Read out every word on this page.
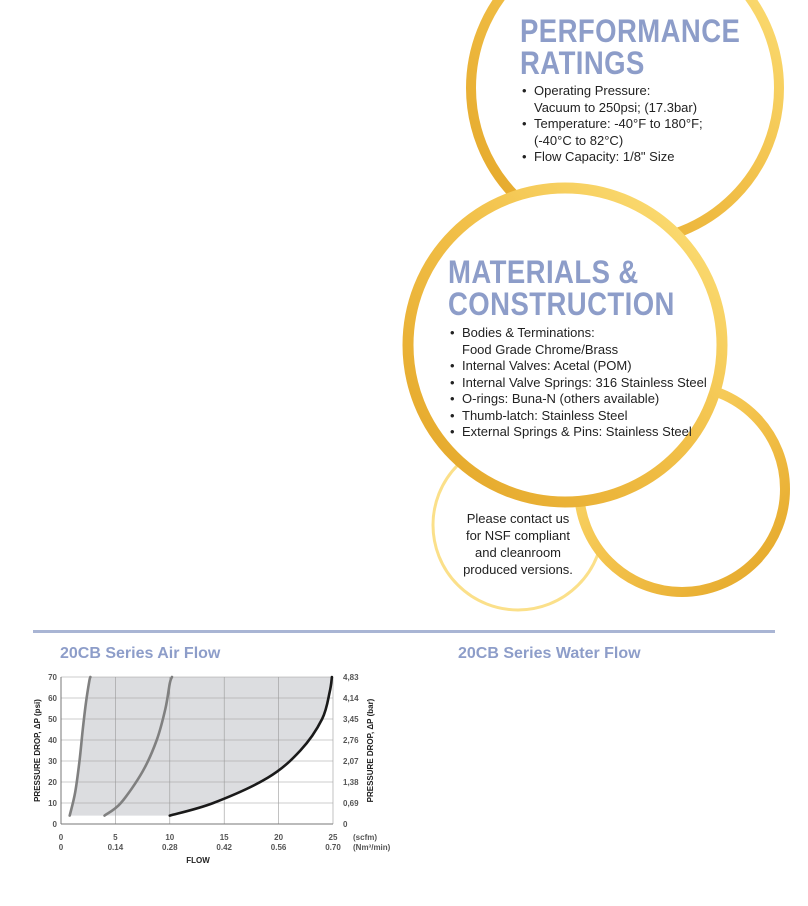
0
10
20
30
40
50
60
70
0
0,69
1,38
2,07
2,76
3,45
4,14
4,83
0	5	10	15	20	25
0	0.14	0.28	0.42	0.56	0.70
(scfm)
(Nm³/min)
FLOW
PRESSURE DROP, ΔP (psi)	PRESSURE DROP, ΔP (bar)
PERFORMANCE
RATINGS
• Operating Pressure:
Vacuum to 250psi; (17.3bar)
• Temperature: -40°F to 180°F;
(-40°C to 82°C)
• Flow Capacity: 1/8" Size
MATERIALS &
CONSTRUCTION
• Bodies & Terminations:
Food Grade Chrome/Brass
• Internal Valves: Acetal (POM)
• Internal Valve Springs: 316 Stainless Steel
• O-rings: Buna-N (others available)
• Thumb-latch: Stainless Steel
• External Springs & Pins: Stainless Steel
Please contact us
for NSF compliant
and cleanroom
produced versions.
20CB Series Air Flow	20CB Series Water Flow
